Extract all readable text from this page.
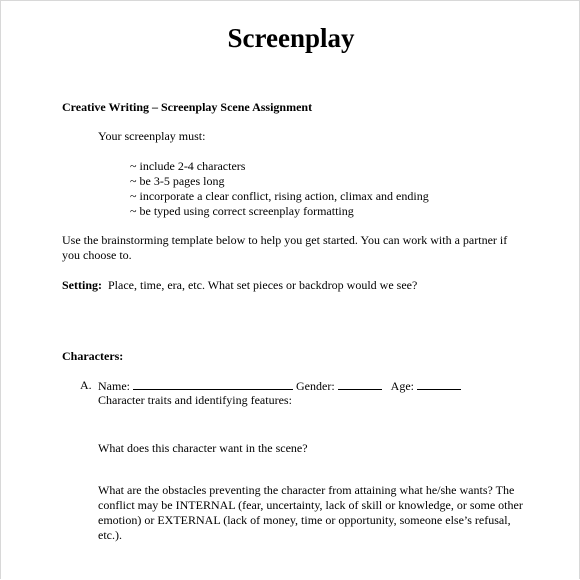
Screenplay
Creative Writing – Screenplay Scene Assignment
Your screenplay must:
~ include 2-4 characters
~ be 3-5 pages long
~ incorporate a clear conflict, rising action, climax and ending
~ be typed using correct screenplay formatting
Use the brainstorming template below to help you get started. You can work with a partner if
you choose to.
Setting: Place, time, era, etc. What set pieces or backdrop would we see?
Characters:
A. Name:	Gender:	Age:
Character traits and identifying features:
What does this character want in the scene?
What are the obstacles preventing the character from attaining what he/she wants? The
conflict may be INTERNAL (fear, uncertainty, lack of skill or knowledge, or some other
emotion) or EXTERNAL (lack of money, time or opportunity, someone else’s refusal,
etc.).
